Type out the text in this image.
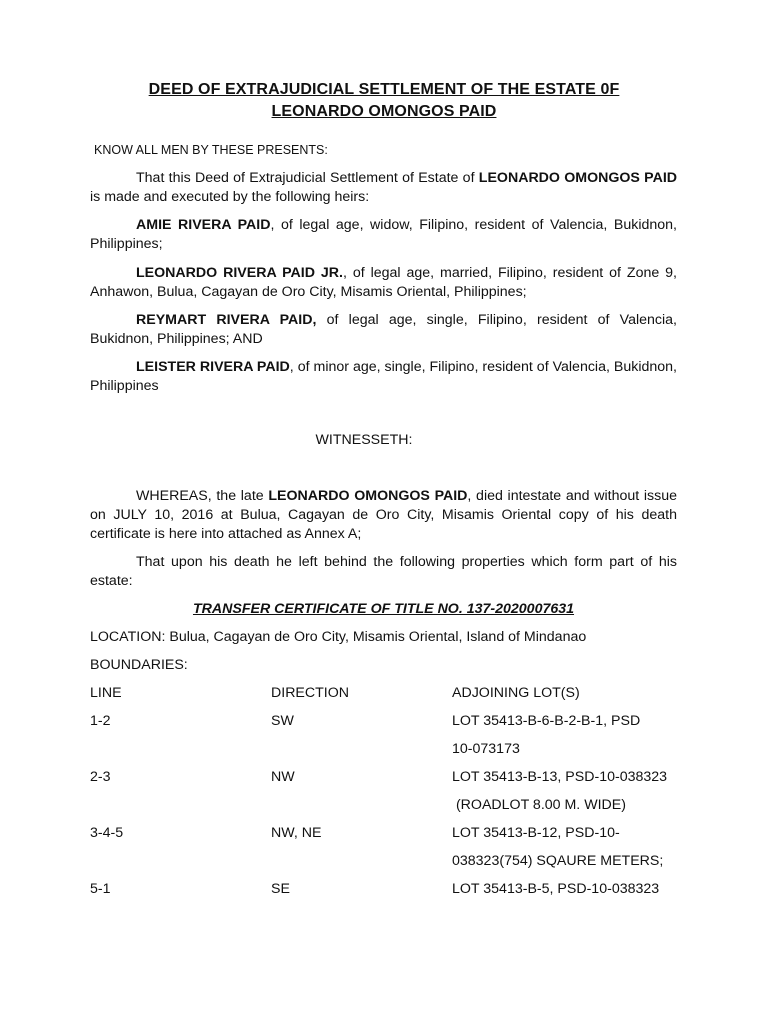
DEED OF EXTRAJUDICIAL SETTLEMENT OF THE ESTATE 0F
LEONARDO OMONGOS PAID
KNOW ALL MEN BY THESE PRESENTS:
That this Deed of Extrajudicial Settlement of Estate of LEONARDO OMONGOS PAID is made and executed by the following heirs:
AMIE RIVERA PAID, of legal age, widow, Filipino, resident of Valencia, Bukidnon, Philippines;
LEONARDO RIVERA PAID JR., of legal age, married, Filipino, resident of Zone 9, Anhawon, Bulua, Cagayan de Oro City, Misamis Oriental, Philippines;
REYMART RIVERA PAID, of legal age, single, Filipino, resident of Valencia, Bukidnon, Philippines; AND
LEISTER RIVERA PAID, of minor age, single, Filipino, resident of Valencia, Bukidnon, Philippines
WITNESSETH:
WHEREAS, the late LEONARDO OMONGOS PAID, died intestate and without issue on JULY 10, 2016 at Bulua, Cagayan de Oro City, Misamis Oriental copy of his death certificate is here into attached as Annex A;
That upon his death he left behind the following properties which form part of his estate:
TRANSFER CERTIFICATE OF TITLE NO. 137-2020007631
LOCATION: Bulua, Cagayan de Oro City, Misamis Oriental, Island of Mindanao
BOUNDARIES:
LINE	DIRECTION	ADJOINING LOT(S)
1-2	SW	LOT 35413-B-6-B-2-B-1, PSD
10-073173
2-3	NW	LOT 35413-B-13, PSD-10-038323
(ROADLOT 8.00 M. WIDE)
3-4-5	NW, NE	LOT 35413-B-12, PSD-10-
038323(754) SQAURE METERS;
5-1	SE	LOT 35413-B-5, PSD-10-038323
